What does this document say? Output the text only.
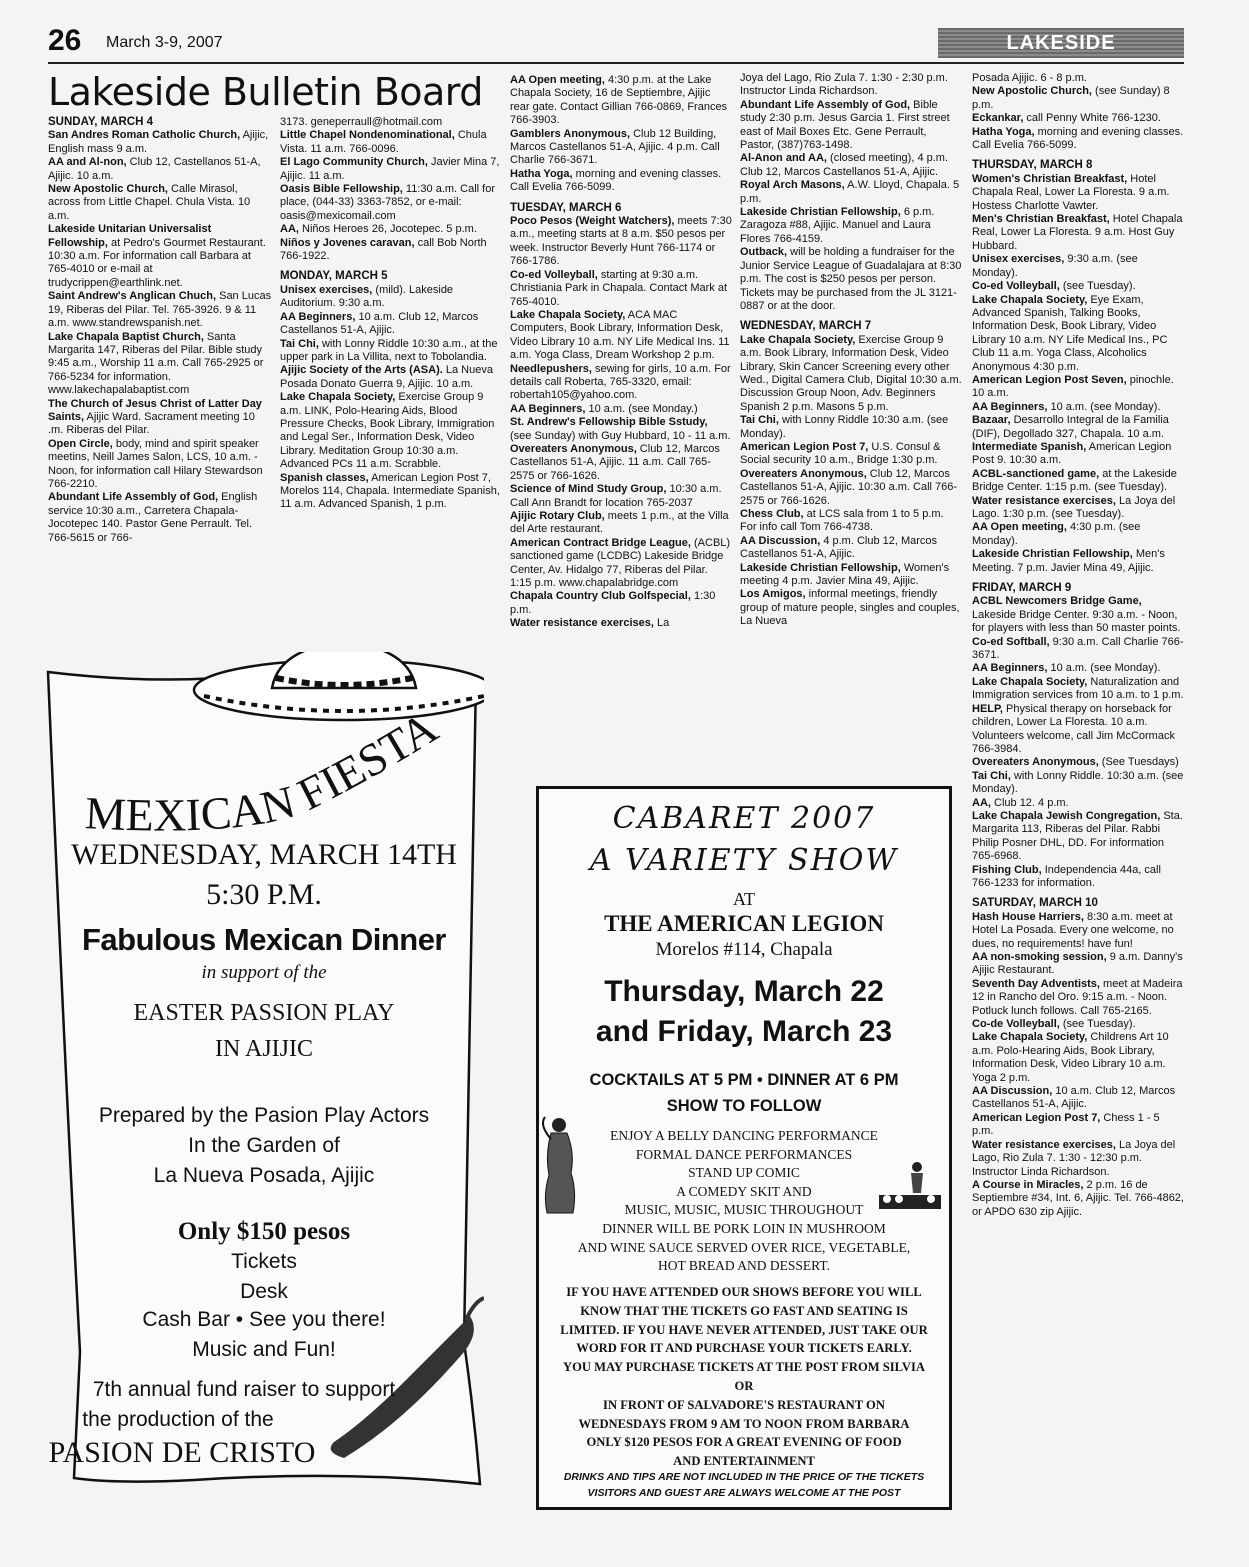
26 March 3-9, 2007	LAKESIDE
Lakeside Bulletin Board

SUNDAY, MARCH 4

San Andres Roman Catholic Church, Ajijic, English mass 9 a.m.

AA and Al-non, Club 12, Castellanos 51-A, Ajijic. 10 a.m.

New Apostolic Church, Calle Mirasol, across from Little Chapel. Chula Vista. 10 a.m.

Lakeside Unitarian Universalist Fellowship, at Pedro's Gourmet Restaurant. 10:30 a.m. For information call Barbara at 765-4010 or e-mail at trudycrippen@earthlink.net.

Saint Andrew's Anglican Chuch, San Lucas 19, Riberas del Pilar. Tel. 765-3926. 9 & 11 a.m. www.standrewspanish.net.

Lake Chapala Baptist Church, Santa Margarita 147, Riberas del Pilar. Bible study 9:45 a.m., Worship 11 a.m. Call 765-2925 or 766-5234 for information. www.lakechapalabaptist.com

The Church of Jesus Christ of Latter Day Saints, Ajijic Ward. Sacrament meeting 10 .m. Riberas del Pilar.

Open Circle, body, mind and spirit speaker meetins, Neill James Salon, LCS, 10 a.m. - Noon, for information call Hilary Stewardson 766-2210.

Abundant Life Assembly of God, English service 10:30 a.m., Carretera Chapala-Jocotepec 140. Pastor Gene Perrault. Tel. 766-5615 or 766-

3173. geneperraull@hotmail.com

Little Chapel Nondenominational, Chula Vista. 11 a.m. 766-0096.

El Lago Community Church, Javier Mina 7, Ajijic. 11 a.m.

Oasis Bible Fellowship, 11:30 a.m. Call for place, (044-33) 3363-7852, or e-mail: oasis@mexicomail.com

AA, Niños Heroes 26, Jocotepec. 5 p.m.

Niños y Jovenes caravan, call Bob North 766-1922.

MONDAY, MARCH 5

Unisex exercises, (mild). Lakeside Auditorium. 9:30 a.m.

AA Beginners, 10 a.m. Club 12, Marcos Castellanos 51-A, Ajijic.

Tai Chi, with Lonny Riddle 10:30 a.m., at the upper park in La Villita, next to Tobolandia.

Ajijic Society of the Arts (ASA). La Nueva Posada Donato Guerra 9, Ajijic. 10 a.m.

Lake Chapala Society, Exercise Group 9 a.m. LINK, Polo-Hearing Aids, Blood Pressure Checks, Book Library, Immigration and Legal Ser., Information Desk, Video Library. Meditation Group 10:30 a.m. Advanced PCs 11 a.m. Scrabble.

Spanish classes, American Legion Post 7, Morelos 114, Chapala. Intermediate Spanish, 11 a.m. Advanced Spanish, 1 p.m.

AA Open meeting, 4:30 p.m. at the Lake Chapala Society, 16 de Septiembre, Ajijic rear gate. Contact Gillian 766-0869, Frances 766-3903.

Gamblers Anonymous, Club 12 Building, Marcos Castellanos 51-A, Ajijic. 4 p.m. Call Charlie 766-3671.

Hatha Yoga, morning and evening classes. Call Evelia 766-5099.

TUESDAY, MARCH 6

Poco Pesos (Weight Watchers), meets 7:30 a.m., meeting starts at 8 a.m. $50 pesos per week. Instructor Beverly Hunt 766-1174 or 766-1786.

Co-ed Volleyball, starting at 9:30 a.m. Christiania Park in Chapala. Contact Mark at 765-4010.

Lake Chapala Society, ACA MAC Computers, Book Library, Information Desk, Video Library 10 a.m. NY Life Medical Ins. 11 a.m. Yoga Class, Dream Workshop 2 p.m.

Needlepushers, sewing for girls, 10 a.m. For details call Roberta, 765-3320, email: robertah105@yahoo.com.

AA Beginners, 10 a.m. (see Monday.)

St. Andrew's Fellowship Bible Sstudy, (see Sunday) with Guy Hubbard, 10 - 11 a.m.

Overeaters Anonymous, Club 12, Marcos Castellanos 51-A, Ajijic. 11 a.m. Call 765-2575 or 766-1626.

Science of Mind Study Group, 10:30 a.m. Call Ann Brandt for location 765-2037

Ajijic Rotary Club, meets 1 p.m., at the Villa del Arte restaurant.

American Contract Bridge League, (ACBL) sanctioned game (LCDBC) Lakeside Bridge Center, Av. Hidalgo 77, Riberas del Pilar. 1:15 p.m. www.chapalabridge.com

Chapala Country Club Golfspecial, 1:30 p.m.

Water resistance exercises, La

Joya del Lago, Rio Zula 7. 1:30 - 2:30 p.m. Instructor Linda Richardson.

Abundant Life Assembly of God, Bible study 2:30 p.m. Jesus Garcia 1. First street east of Mail Boxes Etc. Gene Perrault, Pastor, (387)763-1498.

Al-Anon and AA, (closed meeting), 4 p.m. Club 12, Marcos Castellanos 51-A, Ajijic.

Royal Arch Masons, A.W. Lloyd, Chapala. 5 p.m.

Lakeside Christian Fellowship, 6 p.m. Zaragoza #88, Ajijic. Manuel and Laura Flores 766-4159.

Outback, will be holding a fundraiser for the Junior Service League of Guadalajara at 8:30 p.m. The cost is $250 pesos per person. Tickets may be purchased from the JL 3121-0887 or at the door.

WEDNESDAY, MARCH 7

Lake Chapala Society, Exercise Group 9 a.m. Book Library, Information Desk, Video Library, Skin Cancer Screening every other Wed., Digital Camera Club, Digital 10:30 a.m. Discussion Group Noon, Adv. Beginners Spanish 2 p.m. Masons 5 p.m.

Tai Chi, with Lonny Riddle 10:30 a.m. (see Monday).

American Legion Post 7, U.S. Consul & Social security 10 a.m., Bridge 1:30 p.m.

Overeaters Anonymous, Club 12, Marcos Castellanos 51-A, Ajijic. 10:30 a.m. Call 766-2575 or 766-1626.

Chess Club, at LCS sala from 1 to 5 p.m. For info call Tom 766-4738.

AA Discussion, 4 p.m. Club 12, Marcos Castellanos 51-A, Ajijic.

Lakeside Christian Fellowship, Women's meeting 4 p.m. Javier Mina 49, Ajijic.

Los Amigos, informal meetings, friendly group of mature people, singles and couples, La Nueva

Posada Ajijic. 6 - 8 p.m.

New Apostolic Church, (see Sunday) 8 p.m.

Eckankar, call Penny White 766-1230.

Hatha Yoga, morning and evening classes. Call Evelia 766-5099.

THURSDAY, MARCH 8

Women's Christian Breakfast, Hotel Chapala Real, Lower La Floresta. 9 a.m. Hostess Charlotte Vawter.

Men's Christian Breakfast, Hotel Chapala Real, Lower La Floresta. 9 a.m. Host Guy Hubbard.

Unisex exercises, 9:30 a.m. (see Monday).

Co-ed Volleyball, (see Tuesday).

Lake Chapala Society, Eye Exam, Advanced Spanish, Talking Books, Information Desk, Book Library, Video Library 10 a.m. NY Life Medical Ins., PC Club 11 a.m. Yoga Class, Alcoholics Anonymous 4:30 p.m.

American Legion Post Seven, pinochle. 10 a.m.

AA Beginners, 10 a.m. (see Monday).

Bazaar, Desarrollo Integral de la Familia (DIF), Degollado 327, Chapala. 10 a.m.

Intermediate Spanish, American Legion Post 9. 10:30 a.m.

ACBL-sanctioned game, at the Lakeside Bridge Center. 1:15 p.m. (see Tuesday).

Water resistance exercises, La Joya del Lago. 1:30 p.m. (see Tuesday).

AA Open meeting, 4:30 p.m. (see Monday).

Lakeside Christian Fellowship, Men's Meeting. 7 p.m. Javier Mina 49, Ajijic.

FRIDAY, MARCH 9

ACBL Newcomers Bridge Game, Lakeside Bridge Center. 9:30 a.m. - Noon, for players with less than 50 master points.

Co-ed Softball, 9:30 a.m. Call Charlie 766-3671.

AA Beginners, 10 a.m. (see Monday).

Lake Chapala Society, Naturalization and Immigration services from 10 a.m. to 1 p.m.

HELP, Physical therapy on horseback for children, Lower La Floresta. 10 a.m. Volunteers welcome, call Jim McCormack 766-3984.

Overeaters Anonymous, (See Tuesdays)

Tai Chi, with Lonny Riddle. 10:30 a.m. (see Monday).

AA, Club 12. 4 p.m.

Lake Chapala Jewish Congregation, Sta. Margarita 113, Riberas del Pilar. Rabbi Philip Posner DHL, DD. For information 765-6968.

Fishing Club, Independencia 44a, call 766-1233 for information.

SATURDAY, MARCH 10

Hash House Harriers, 8:30 a.m. meet at Hotel La Posada. Every one welcome, no dues, no requirements! have fun!

AA non-smoking session, 9 a.m. Danny's Ajijic Restaurant.

Seventh Day Adventists, meet at Madeira 12 in Rancho del Oro. 9:15 a.m. - Noon. Potluck lunch follows. Call 765-2165.

Co-de Volleyball, (see Tuesday).

Lake Chapala Society, Childrens Art 10 a.m. Polo-Hearing Aids, Book Library, Information Desk, Video Library 10 a.m. Yoga 2 p.m.

AA Discussion, 10 a.m. Club 12, Marcos Castellanos 51-A, Ajijic.

American Legion Post 7, Chess 1 - 5 p.m.

Water resistance exercises, La Joya del Lago, Rio Zula 7. 1:30 - 12:30 p.m. Instructor Linda Richardson.

A Course in Miracles, 2 p.m. 16 de Septiembre #34, Int. 6, Ajijic. Tel. 766-4862, or APDO 630 zip Ajijic.

MEXICAN FIESTA
WEDNESDAY, MARCH 14TH
5:30 P.M.
Fabulous Mexican Dinner
in support of the
EASTER PASSION PLAY
IN AJIJIC
Prepared by the Pasion Play Actors
In the Garden of
La Nueva Posada, Ajijic
Only $150 pesos
Tickets
Desk
Cash Bar • See you there!
Music and Fun!
7th annual fund raiser to support
the production of the
PASION DE CRISTO
CABARET 2007
A VARIETY SHOW
AT
THE AMERICAN LEGION
Morelos #114, Chapala
Thursday, March 22
and Friday, March 23
COCKTAILS AT 5 PM • DINNER AT 6 PM
SHOW TO FOLLOW
ENJOY A BELLY DANCING PERFORMANCE
FORMAL DANCE PERFORMANCES
STAND UP COMIC
A COMEDY SKIT AND
MUSIC, MUSIC, MUSIC THROUGHOUT
DINNER WILL BE PORK LOIN IN MUSHROOM
AND WINE SAUCE SERVED OVER RICE, VEGETABLE,
HOT BREAD AND DESSERT.
IF YOU HAVE ATTENDED OUR SHOWS BEFORE YOU WILL
KNOW THAT THE TICKETS GO FAST AND SEATING IS
LIMITED. IF YOU HAVE NEVER ATTENDED, JUST TAKE OUR
WORD FOR IT AND PURCHASE YOUR TICKETS EARLY.
YOU MAY PURCHASE TICKETS AT THE POST FROM SILVIA
OR
IN FRONT OF SALVADORE'S RESTAURANT ON
WEDNESDAYS FROM 9 AM TO NOON FROM BARBARA
ONLY $120 PESOS FOR A GREAT EVENING OF FOOD
AND ENTERTAINMENT
DRINKS AND TIPS ARE NOT INCLUDED IN THE PRICE OF THE TICKETS
VISITORS AND GUEST ARE ALWAYS WELCOME AT THE POST
